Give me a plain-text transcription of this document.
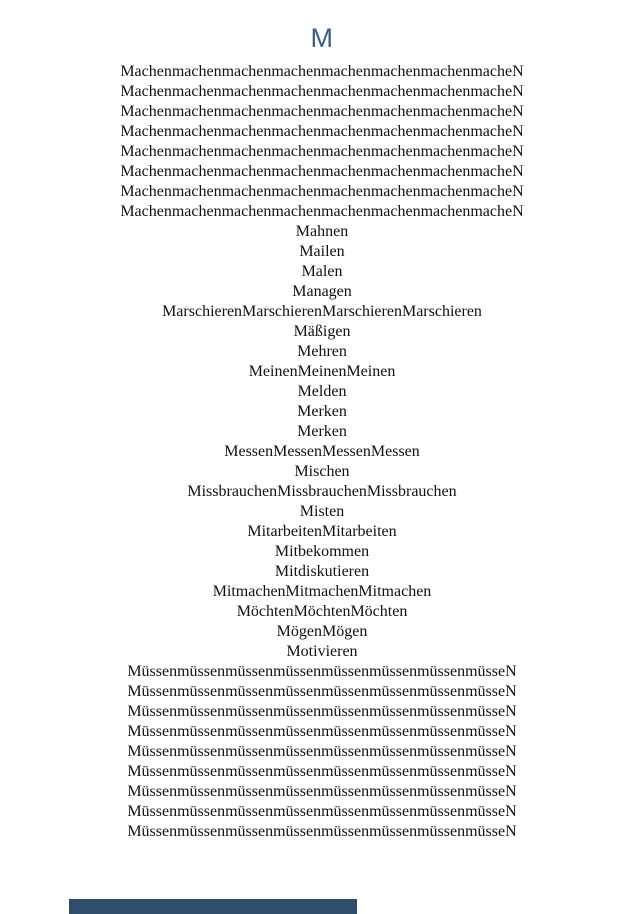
M
MachenmachenmachenmachenmachenmachenmachenmacheN
MachenmachenmachenmachenmachenmachenmachenmacheN
MachenmachenmachenmachenmachenmachenmachenmacheN
MachenmachenmachenmachenmachenmachenmachenmacheN
MachenmachenmachenmachenmachenmachenmachenmacheN
MachenmachenmachenmachenmachenmachenmachenmacheN
MachenmachenmachenmachenmachenmachenmachenmacheN
MachenmachenmachenmachenmachenmachenmachenmacheN
Mahnen
Mailen
Malen
Managen
MarschierenMarschierenMarschierenMarschieren
Mäßigen
Mehren
MeinenMeinenMeinen
Melden
Merken
Merken
MessenMessenMessenMessen
Mischen
MissbrauchenMissbrauchenMissbrauchen
Misten
MitarbeitenMitarbeiten
Mitbekommen
Mitdiskutieren
MitmachenMitmachenMitmachen
MöchtenMöchtenMöchten
MögenMögen
Motivieren
MüssenmüssenmüssenmüssenmüssenmüssenmüssenmüsseN
MüssenmüssenmüssenmüssenmüssenmüssenmüssenmüsseN
MüssenmüssenmüssenmüssenmüssenmüssenmüssenmüsseN
MüssenmüssenmüssenmüssenmüssenmüssenmüssenmüsseN
MüssenmüssenmüssenmüssenmüssenmüssenmüssenmüsseN
MüssenmüssenmüssenmüssenmüssenmüssenmüssenmüsseN
MüssenmüssenmüssenmüssenmüssenmüssenmüssenmüsseN
MüssenmüssenmüssenmüssenmüssenmüssenmüssenmüsseN
MüssenmüssenmüssenmüssenmüssenmüssenmüssenmüsseN
